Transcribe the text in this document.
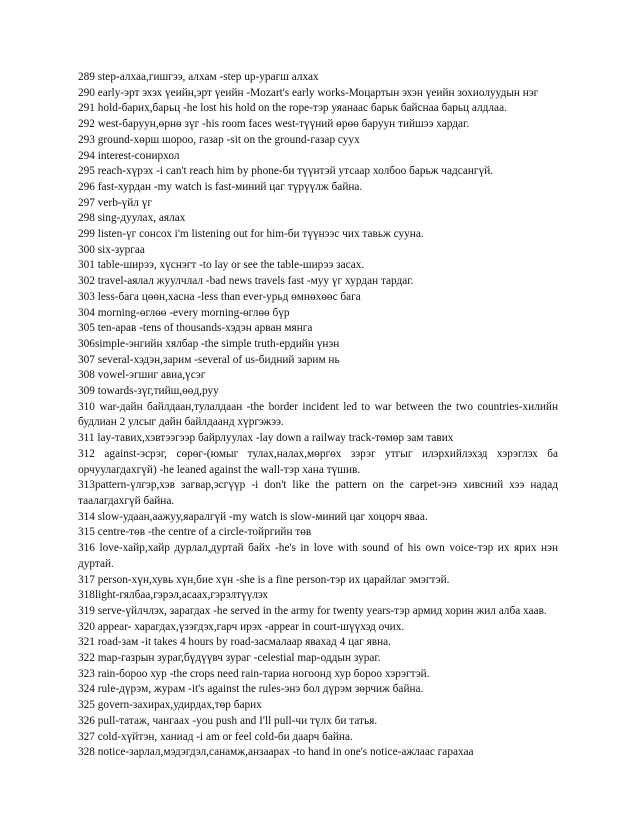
289 step-алхаа,гишгээ, алхам -step up-урагш алхах

290 early-эрт эхэх үеийн,эрт үеийн -Mozart's early works-Моцартын эхэн үеийн зохиолуудын нэг

291 hold-барих,барьц -he lost his hold on the rope-тэр уяанаас барьк байснаа барьц алдлаа.

292 west-баруун,өрнө зүг -his room faces west-түүний өрөө баруун тийшээ хардаг.

293 ground-хөрш шороо, газар -sit on the ground-газар суух

294 interest-сонирхол

295 reach-хүрэх -i can't reach him by phone-би түүнтэй утсаар холбоо барьж чадсангүй.

296 fast-хурдан -my watch is fast-миний цаг түрүүлж байна.

297 verb-үйл үг

298 sing-дуулах, аялах

299 listen-үг сонсох i'm listening out for him-би түүнээс чих тавьж сууна.

300 six-зургаа

301 table-ширээ, хүснэгт -to lay or see the table-ширээ засах.

302 travel-аялал жуулчлал -bad news travels fast -муу үг хурдан тардаг.

303 less-бага цөөн,хасна -less than ever-урьд өмнөхөөс бага

304 morning-өглөө -every morning-өглөө бүр

305 ten-арав -tens of thousands-хэдэн арван мянга

306simple-энгийн хялбар -the simple truth-ердийн үнэн

307 several-хэдэн,зарим -several of us-бидний зарим нь

308 vowel-эгшиг авиа,үсэг

309 towards-зүг,тийш,өөд,руу

310 war-дайн байлдаан,тулалдаан -the border incident led to war between the two countries-хилийн будлиан 2 улсыг дайн байлдаанд хүргэжээ.

311 lay-тавих,хэвтээгээр байрлуулах -lay down a railway track-төмөр зам тавих

312 against-эсрэг, сөрөг-(юмыг тулах,налах,мөргөх зэрэг утгыг илэрхийлэхэд хэрэглэх ба орчуулагдахгүй) -he leaned against the wall-тэр хана түшив.

313pattern-үлгэр,хэв загвар,эсгүүр -i don't like the pattern on the carpet-энэ хивсний хээ надад таалагдахгүй байна.

314 slow-удаан,аажуу,яаралгүй -my watch is slow-миний цаг хоцорч яваа.

315 centre-төв -the centre of a circle-тойргийн төв

316 love-хайр,хайр дурлал,дуртай байх -he's in love with sound of his own voice-тэр их ярих нэн дуртай.

317 person-хүн,хувь хүн,бие хүн -she is a fine person-тэр их царайлаг эмэгтэй.

318light-гялбаа,гэрэл,асаах,гэрэлтүүлэх

319 serve-үйлчлэх, зарагдах -he served in the army for twenty years-тэр армид хорин жил алба хаав.

320 appear- харагдах,үзэгдэх,гарч ирэх -appear in court-шүүхэд очих.

321 road-зам -it takes 4 hours by road-засмалаар явахад 4 цаг явна.

322 map-газрын зураг,бүдүүвч зураг -celestial map-оддын зураг.

323 rain-бороо хур -the crops need rain-тариа ногоонд хур бороо хэрэгтэй.

324 rule-дүрэм, журам -it's against the rules-энэ бол дүрэм зөрчиж байна.

325 govern-захирах,удирдах,төр барих

326 pull-татаж, чангаах -you push and I'll pull-чи түлх би татья.

327 cold-хүйтэн, ханиад -i am or feel cold-би даарч байна.

328 notice-зарлал,мэдэгдэл,санамж,анзаарах -to hand in one's notice-ажлаас гарахаа
